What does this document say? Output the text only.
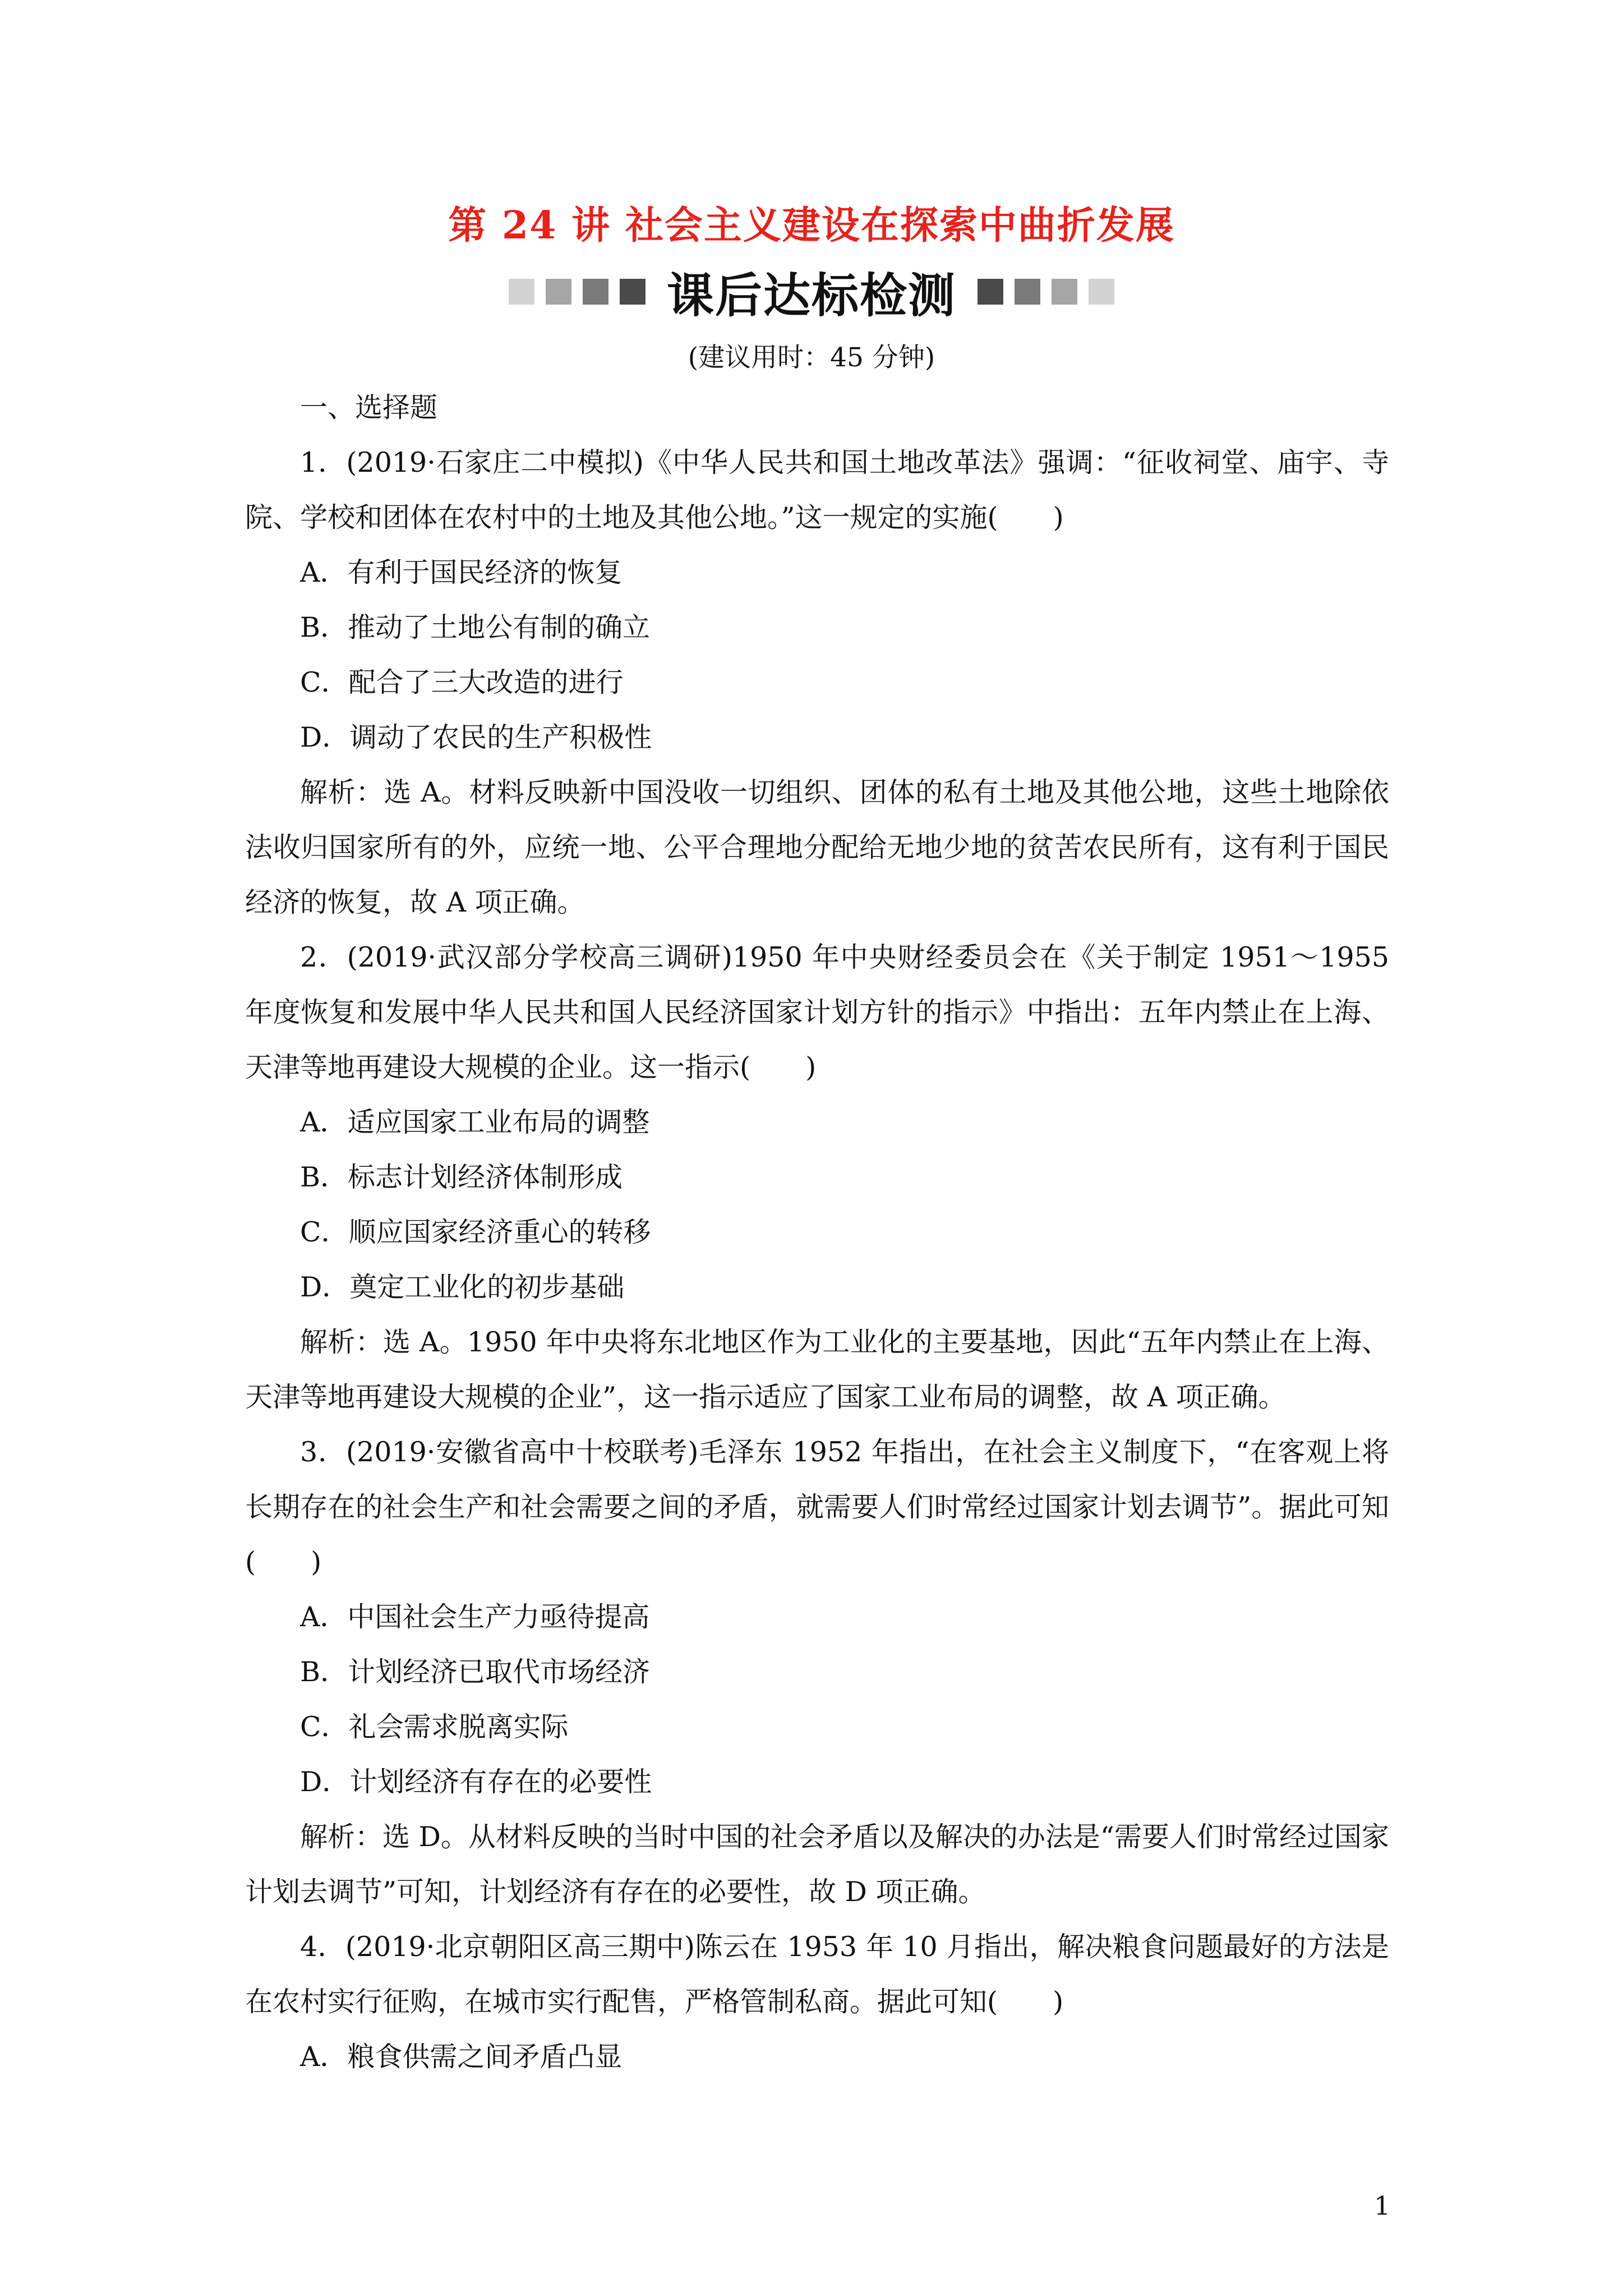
第 24 讲 社会主义建设在探索中曲折发展
课后达标检测
(建议用时：45 分钟)

一、选择题

1．(2019·石家庄二中模拟)《中华人民共和国土地改革法》强调：“征收祠堂、庙宇、寺院、学校和团体在农村中的土地及其他公地。”这一规定的实施(　　)

A．有利于国民经济的恢复

B．推动了土地公有制的确立

C．配合了三大改造的进行

D．调动了农民的生产积极性

解析：选 A。材料反映新中国没收一切组织、团体的私有土地及其他公地，这些土地除依法收归国家所有的外，应统一地、公平合理地分配给无地少地的贫苦农民所有，这有利于国民经济的恢复，故 A 项正确。

2．(2019·武汉部分学校高三调研)1950 年中央财经委员会在《关于制定 1951～1955 年度恢复和发展中华人民共和国人民经济国家计划方针的指示》中指出：五年内禁止在上海、天津等地再建设大规模的企业。这一指示(　　)

A．适应国家工业布局的调整

B．标志计划经济体制形成

C．顺应国家经济重心的转移

D．奠定工业化的初步基础

解析：选 A。1950 年中央将东北地区作为工业化的主要基地，因此“五年内禁止在上海、天津等地再建设大规模的企业”，这一指示适应了国家工业布局的调整，故 A 项正确。

3．(2019·安徽省高中十校联考)毛泽东 1952 年指出，在社会主义制度下，“在客观上将长期存在的社会生产和社会需要之间的矛盾，就需要人们时常经过国家计划去调节”。据此可知(　　)

A．中国社会生产力亟待提高

B．计划经济已取代市场经济

C．礼会需求脱离实际

D．计划经济有存在的必要性

解析：选 D。从材料反映的当时中国的社会矛盾以及解决的办法是“需要人们时常经过国家计划去调节”可知，计划经济有存在的必要性，故 D 项正确。

4．(2019·北京朝阳区高三期中)陈云在 1953 年 10 月指出，解决粮食问题最好的方法是在农村实行征购，在城市实行配售，严格管制私商。据此可知(　　)

A．粮食供需之间矛盾凸显

1
